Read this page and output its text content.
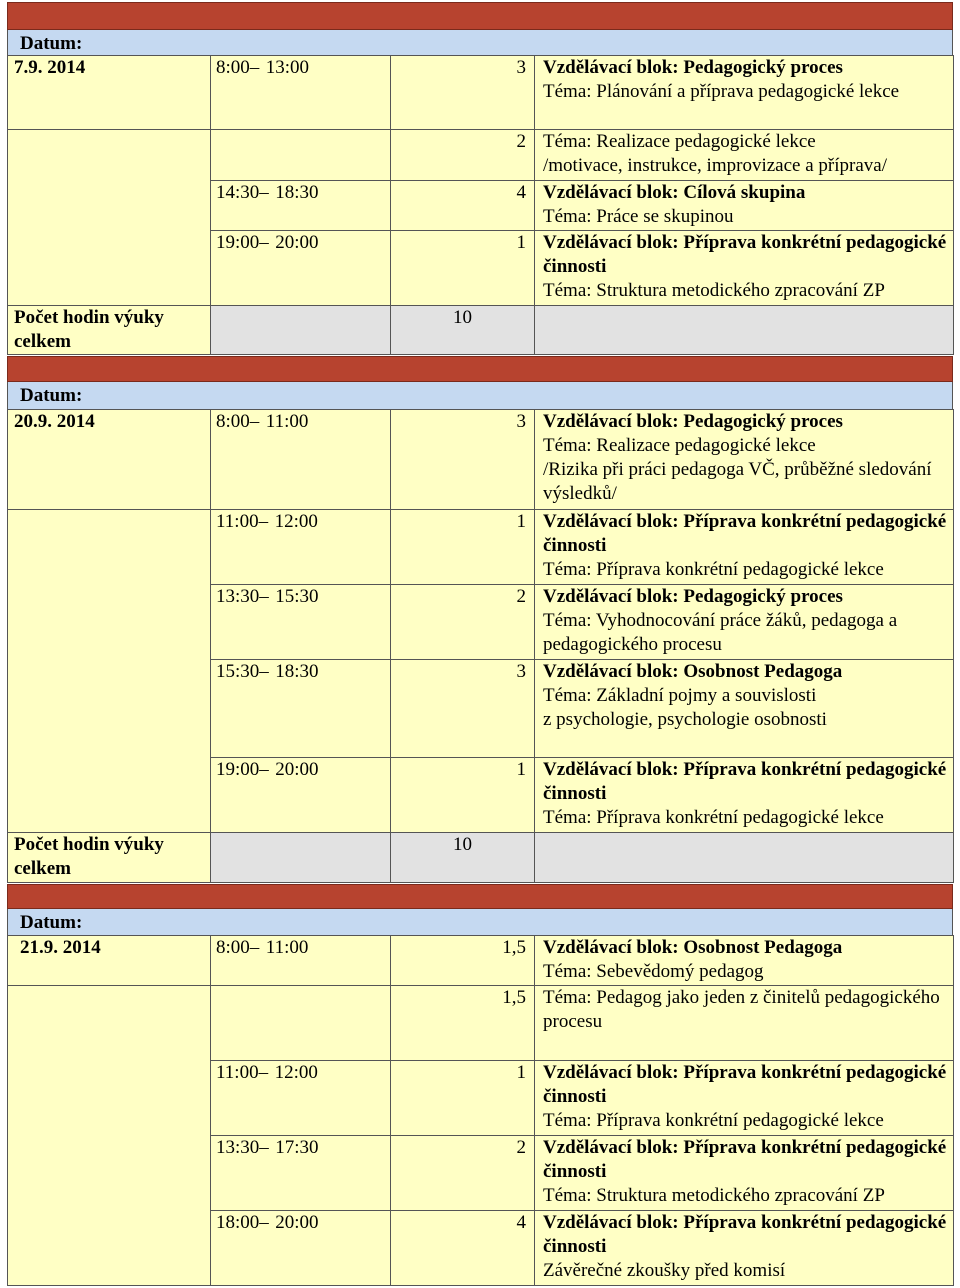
Datum:
7.9. 2014	8:00– 13:00	3	Vzdělávací blok: Pedagogický proces
Téma: Plánování a příprava pedagogické lekce

		2	Téma: Realizace pedagogické lekce
/motivace, instrukce, improvizace a příprava/

	14:30– 18:30	4	Vzdělávací blok: Cílová skupina
Téma: Práce se skupinou

	19:00– 20:00	1	Vzdělávací blok: Příprava konkrétní pedagogické činnosti
Téma: Struktura metodického zpracování ZP

Počet hodin výuky
celkem		10	
Datum:
20.9. 2014	8:00– 11:00	3	Vzdělávací blok: Pedagogický proces
Téma: Realizace pedagogické lekce
/Rizika při práci pedagoga VČ, průběžné sledování výsledků/

	11:00– 12:00	1	Vzdělávací blok: Příprava konkrétní pedagogické činnosti
Téma: Příprava konkrétní pedagogické lekce

	13:30– 15:30	2	Vzdělávací blok: Pedagogický proces
Téma: Vyhodnocování práce žáků, pedagoga a pedagogického procesu

	15:30– 18:30	3	Vzdělávací blok: Osobnost Pedagoga
Téma: Základní pojmy a souvislosti
z psychologie, psychologie osobnosti

	19:00– 20:00	1	Vzdělávací blok: Příprava konkrétní pedagogické činnosti
Téma: Příprava konkrétní pedagogické lekce

Počet hodin výuky
celkem		10	
Datum:
21.9. 2014	8:00– 11:00	1,5	Vzdělávací blok: Osobnost Pedagoga
Téma: Sebevědomý pedagog

		1,5	Téma: Pedagog jako jeden z činitelů pedagogického procesu

	11:00– 12:00	1	Vzdělávací blok: Příprava konkrétní pedagogické činnosti
Téma: Příprava konkrétní pedagogické lekce

	13:30– 17:30	2	Vzdělávací blok: Příprava konkrétní pedagogické činnosti
Téma: Struktura metodického zpracování ZP

	18:00– 20:00	4	Vzdělávací blok: Příprava konkrétní pedagogické činnosti
Závěrečné zkoušky před komisí
